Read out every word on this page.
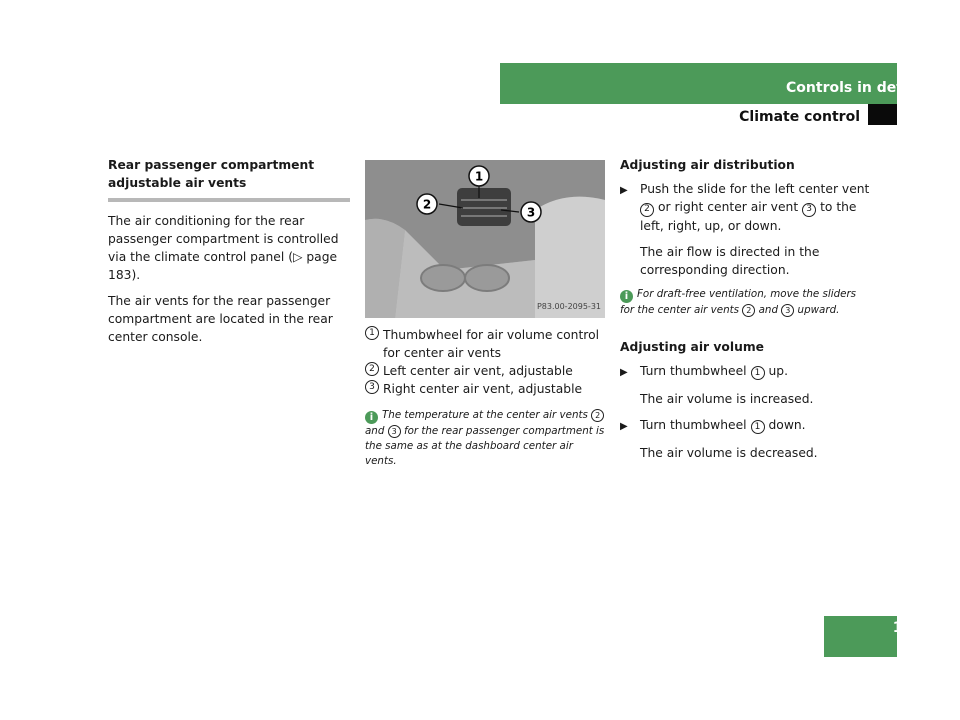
Controls in detail
Climate control

Rear passenger compartment adjustable air vents

The air conditioning for the rear passenger compartment is controlled via the climate control panel (▷ page 183).

The air vents for the rear passenger compartment are located in the rear center console.

1
2
3
P83.00-2095-31
1 Thumbwheel for air volume control for center air vents
2 Left center air vent, adjustable
3 Right center air vent, adjustable
i The temperature at the center air vents 2 and 3 for the rear passenger compartment is the same as at the dashboard center air vents.

Adjusting air distribution

▶ Push the slide for the left center vent 2 or right center air vent 3 to the left, right, up, or down.

The air flow is directed in the corresponding direction.

i For draft-free ventilation, move the sliders for the center air vents 2 and 3 upward.

Adjusting air volume

▶ Turn thumbwheel 1 up.

The air volume is increased.

▶ Turn thumbwheel 1 down.

The air volume is decreased.

191
